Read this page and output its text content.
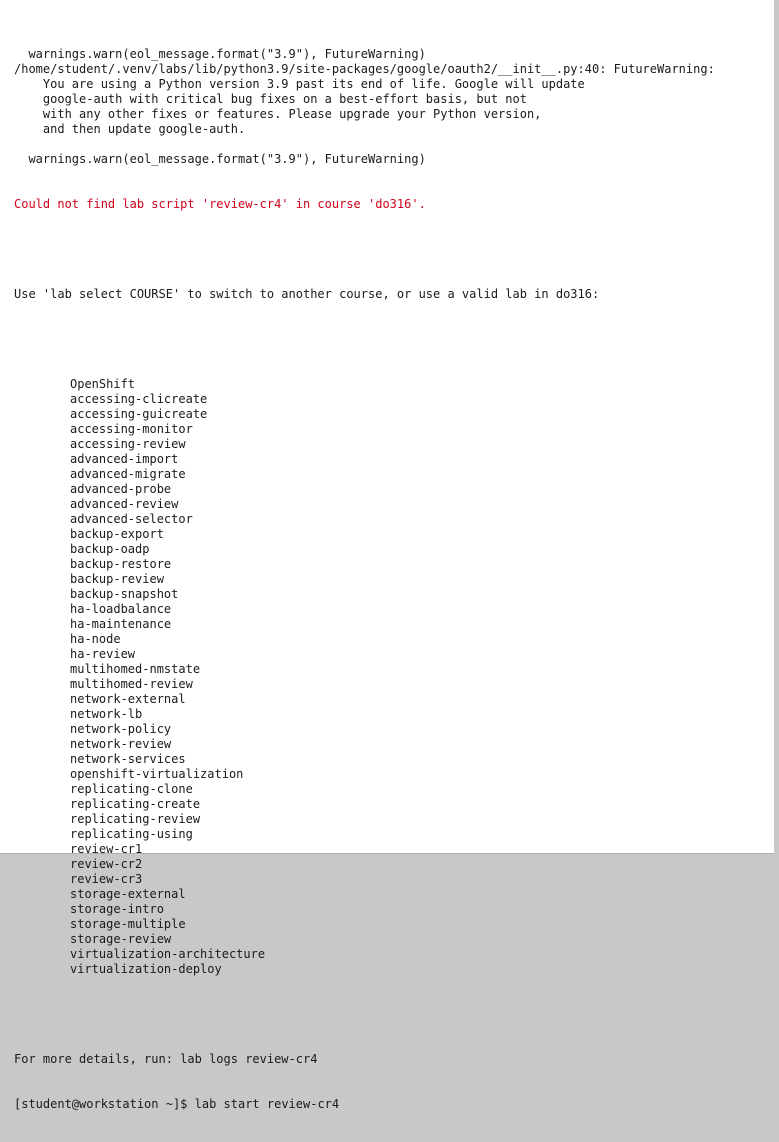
warnings.warn(eol_message.format("3.9"), FutureWarning)
/home/student/.venv/labs/lib/python3.9/site-packages/google/oauth2/__init__.py:40: FutureWarning:
You are using a Python version 3.9 past its end of life. Google will update
google-auth with critical bug fixes on a best-effort basis, but not
with any other fixes or features. Please upgrade your Python version,
and then update google-auth.
warnings.warn(eol_message.format("3.9"), FutureWarning)

Could not find lab script 'review-cr4' in course 'do316'.

Use 'lab select COURSE' to switch to another course, or use a valid lab in do316:

OpenShift
accessing-clicreate
accessing-guicreate
accessing-monitor
accessing-review
advanced-import
advanced-migrate
advanced-probe
advanced-review
advanced-selector
backup-export
backup-oadp
backup-restore
backup-review
backup-snapshot
ha-loadbalance
ha-maintenance
ha-node
ha-review
multihomed-nmstate
multihomed-review
network-external
network-lb
network-policy
network-review
network-services
openshift-virtualization
replicating-clone
replicating-create
replicating-review
replicating-using
review-cr1
review-cr2
review-cr3
storage-external
storage-intro
storage-multiple
storage-review
virtualization-architecture
virtualization-deploy

For more details, run: lab logs review-cr4

[student@workstation ~]$ lab start review-cr4
